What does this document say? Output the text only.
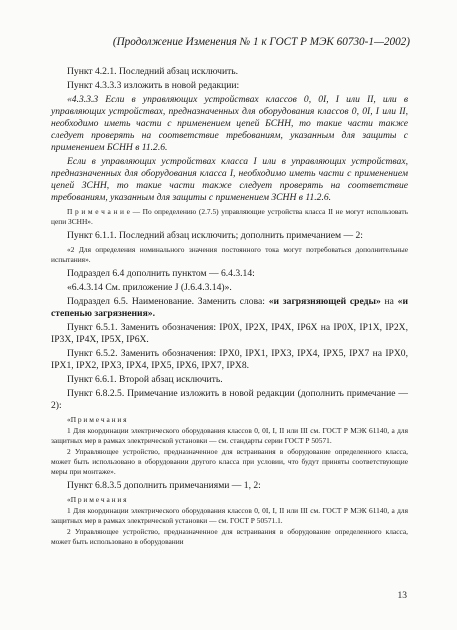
(Продолжение Изменения № 1 к ГОСТ Р МЭК 60730-1—2002)

Пункт 4.2.1. Последний абзац исключить.

Пункт 4.3.3.3 изложить в новой редакции:

«4.3.3.3 Если в управляющих устройствах классов 0, 0I, I или II, или в управляющих устройствах, предназначенных для оборудования классов 0, 0I, I или II, необходимо иметь части с применением цепей БСНН, то такие части также следует проверять на соответствие требованиям, указанным для защиты с применением БСНН в 11.2.6.

Если в управляющих устройствах класса I или в управляющих устройствах, предназначенных для оборудования класса I, необходимо иметь части с применением цепей ЗСНН, то такие части также следует проверять на соответствие требованиям, указанным для защиты с применением ЗСНН в 11.2.6.

П р и м е ч а н и е — По определению (2.7.5) управляющие устройства класса II не могут использовать цепи ЗСНН».

Пункт 6.1.1. Последний абзац исключить; дополнить примечанием — 2:

«2 Для определения номинального значения постоянного тока могут потребоваться дополнительные испытания».

Подраздел 6.4 дополнить пунктом — 6.4.3.14:

«6.4.3.14 См. приложение J (J.6.4.3.14)».

Подраздел 6.5. Наименование. Заменить слова: «и загрязняющей среды» на «и степенью загрязнения».

Пункт 6.5.1. Заменить обозначения: IP0X, IP2X, IP4X, IP6X на IP0X, IP1X, IP2X, IP3X, IP4X, IP5X, IP6X.

Пункт 6.5.2. Заменить обозначения: IPX0, IPX1, IPX3, IPX4, IPX5, IPX7 на IPX0, IPX1, IPX2, IPX3, IPX4, IPX5, IPX6, IPX7, IPX8.

Пункт 6.6.1. Второй абзац исключить.

Пункт 6.8.2.5. Примечание изложить в новой редакции (дополнить примечание — 2):

«П р и м е ч а н и я

1 Для координации электрического оборудования классов 0, 0I, I, II или III см. ГОСТ Р МЭК 61140, а для защитных мер в рамках электрической установки — см. стандарты серии ГОСТ Р 50571.

2 Управляющее устройство, предназначенное для встраивания в оборудование определенного класса, может быть использовано в оборудовании другого класса при условии, что будут приняты соответствующие меры при монтаже».

Пункт 6.8.3.5 дополнить примечаниями — 1, 2:

«П р и м е ч а н и я

1 Для координации электрического оборудования классов 0, 0I, I, II или III см. ГОСТ Р МЭК 61140, а для защитных мер в рамках электрической установки — см. ГОСТ Р 50571.1.

2 Управляющее устройство, предназначенное для встраивания в оборудование определенного класса, может быть использовано в оборудовании

13
